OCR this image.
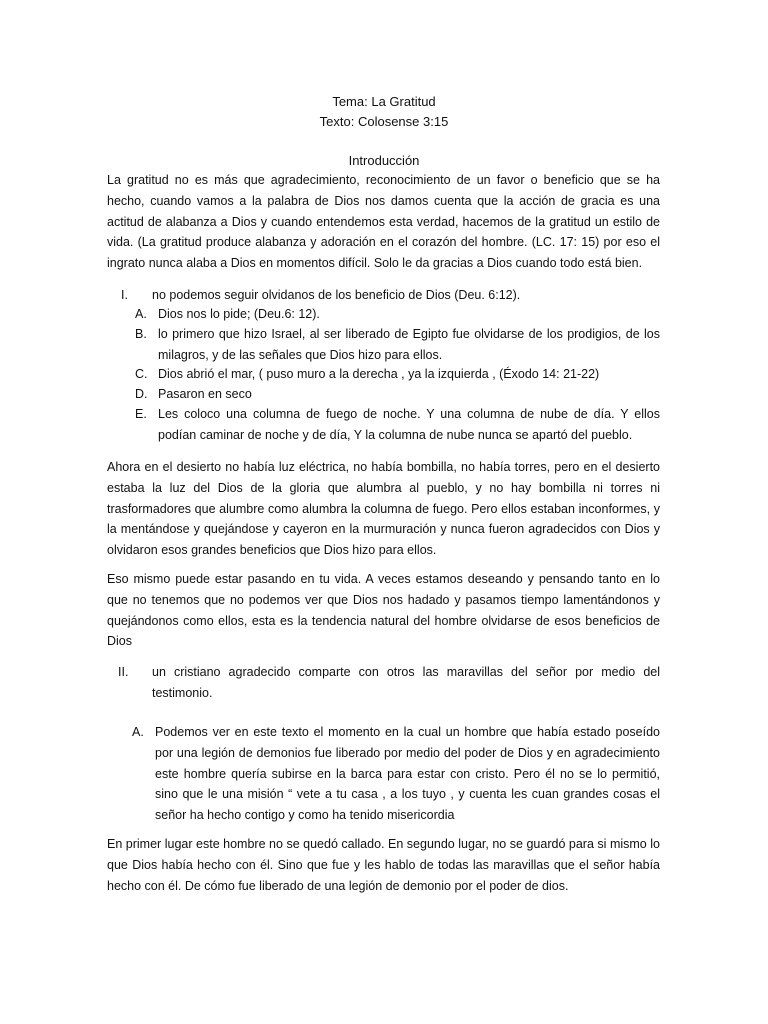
Tema: La Gratitud
Texto: Colosense 3:15
Introducción
La gratitud no es más que agradecimiento, reconocimiento de un favor o beneficio que se ha hecho, cuando vamos a la palabra de Dios nos damos cuenta que la acción de gracia es una actitud de alabanza a Dios y cuando entendemos esta verdad, hacemos de la gratitud un estilo de vida. (La gratitud produce alabanza y adoración en el corazón del hombre. (LC. 17: 15) por eso el ingrato nunca alaba a Dios en momentos difícil. Solo le da gracias a Dios cuando todo está bien.
I. no podemos seguir olvidanos de los beneficio de Dios (Deu. 6:12).
A. Dios nos lo pide; (Deu.6: 12).
B. lo primero que hizo Israel, al ser liberado de Egipto fue olvidarse de los prodigios, de los milagros, y de las señales que Dios hizo para ellos.
C. Dios abrió el mar, ( puso muro a la derecha , ya la izquierda , (Éxodo 14: 21-22)
D. Pasaron en seco
E. Les coloco una columna de fuego de noche. Y una columna de nube de día. Y ellos podían caminar de noche y de día, Y la columna de nube nunca se apartó del pueblo.
Ahora en el desierto no había luz eléctrica, no había bombilla, no había torres, pero en el desierto estaba la luz del Dios de la gloria que alumbra al pueblo, y no hay bombilla ni torres ni trasformadores que alumbre como alumbra la columna de fuego. Pero ellos estaban inconformes, y la mentándose y quejándose y cayeron en la murmuración y nunca fueron agradecidos con Dios y olvidaron esos grandes beneficios que Dios hizo para ellos.
Eso mismo puede estar pasando en tu vida. A veces estamos deseando y pensando tanto en lo que no tenemos que no podemos ver que Dios nos hadado y pasamos tiempo lamentándonos y quejándonos como ellos, esta es la tendencia natural del hombre olvidarse de esos beneficios de Dios
II. un cristiano agradecido comparte con otros las maravillas del señor por medio del testimonio.
A. Podemos ver en este texto el momento en la cual un hombre que había estado poseído por una legión de demonios fue liberado por medio del poder de Dios y en agradecimiento este hombre quería subirse en la barca para estar con cristo. Pero él no se lo permitió, sino que le una misión “ vete a tu casa , a los tuyo , y cuenta les cuan grandes cosas el señor ha hecho contigo y como ha tenido misericordia
En primer lugar este hombre no se quedó callado. En segundo lugar, no se guardó para si mismo lo que Dios había hecho con él. Sino que fue y les hablo de todas las maravillas que el señor había hecho con él. De cómo fue liberado de una legión de demonio por el poder de dios.
